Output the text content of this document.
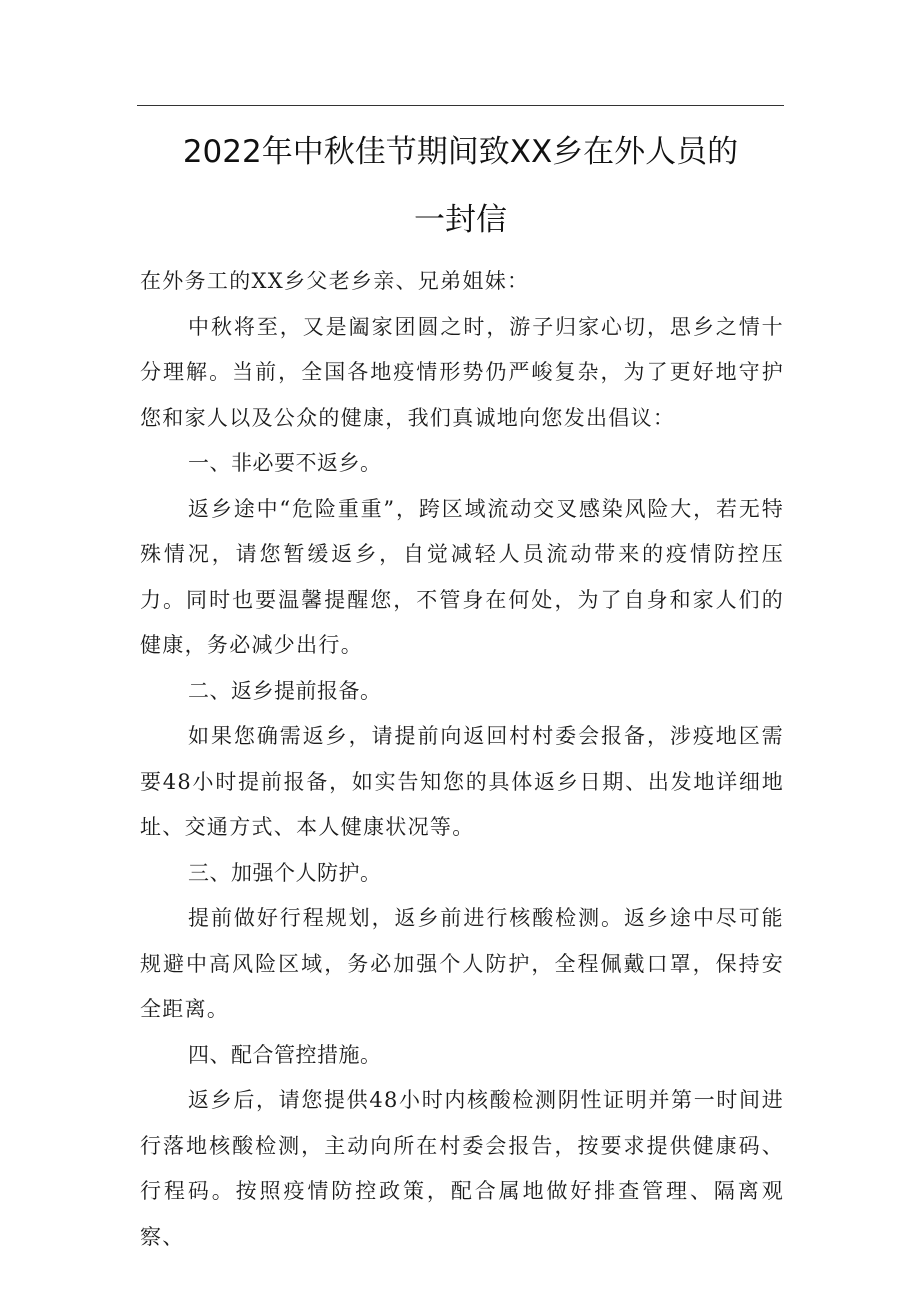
2022年中秋佳节期间致XX乡在外人员的
一封信

在外务工的XX乡父老乡亲、兄弟姐妹：

中秋将至，又是阖家团圆之时，游子归家心切，思乡之情十分理解。当前，全国各地疫情形势仍严峻复杂，为了更好地守护您和家人以及公众的健康，我们真诚地向您发出倡议：

一、非必要不返乡。

返乡途中“危险重重”，跨区域流动交叉感染风险大，若无特殊情况，请您暂缓返乡，自觉减轻人员流动带来的疫情防控压力。同时也要温馨提醒您，不管身在何处，为了自身和家人们的健康，务必减少出行。

二、返乡提前报备。

如果您确需返乡，请提前向返回村村委会报备，涉疫地区需要48小时提前报备，如实告知您的具体返乡日期、出发地详细地址、交通方式、本人健康状况等。

三、加强个人防护。

提前做好行程规划，返乡前进行核酸检测。返乡途中尽可能规避中高风险区域，务必加强个人防护，全程佩戴口罩，保持安全距离。

四、配合管控措施。

返乡后，请您提供48小时内核酸检测阴性证明并第一时间进行落地核酸检测，主动向所在村委会报告，按要求提供健康码、行程码。按照疫情防控政策，配合属地做好排查管理、隔离观察、
